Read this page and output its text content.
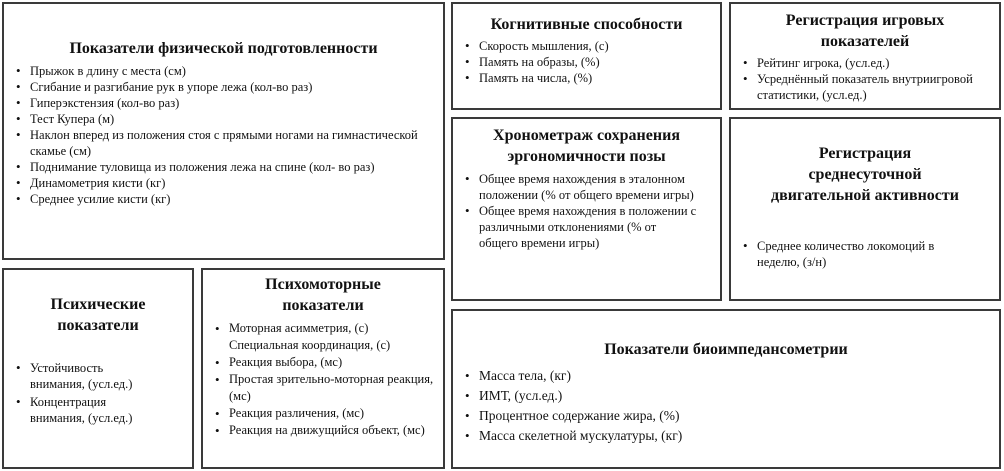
Показатели физической подготовленности
• Прыжок в длину с места (см)
• Сгибание и разгибание рук в упоре лежа (кол-во раз)
• Гиперэкстензия (кол-во раз)
• Тест Купера (м)
• Наклон вперед из положения стоя с прямыми ногами на гимнастической скамье (см)
• Поднимание туловища из положения лежа на спине (кол- во раз)
• Динамометрия кисти (кг)
• Среднее усилие кисти (кг)
Когнитивные способности
• Скорость мышления, (с)
• Память на образы, (%)
• Память на числа, (%)
Регистрация игровых показателей
• Рейтинг игрока, (усл.ед.)
• Усреднённый показатель внутриигровой статистики, (усл.ед.)
Хронометраж сохранения эргономичности позы
• Общее время нахождения в эталонном положении (% от общего времени игры)
• Общее время нахождения в положении с различными отклонениями (% от общего времени игры)
Регистрация среднесуточной двигательной активности
• Среднее количество локомоций в неделю, (з/н)
Психические показатели
• Устойчивость внимания, (усл.ед.)
• Концентрация внимания, (усл.ед.)
Психомоторные показатели
• Моторная асимметрия, (с) Специальная координация, (с)
• Реакция выбора, (мс)
• Простая зрительно-моторная реакция, (мс)
• Реакция различения, (мс)
• Реакция на движущийся объект, (мс)
Показатели биоимпедансометрии
• Масса тела, (кг)
• ИМТ, (усл.ед.)
• Процентное содержание жира, (%)
• Масса скелетной мускулатуры, (кг)
